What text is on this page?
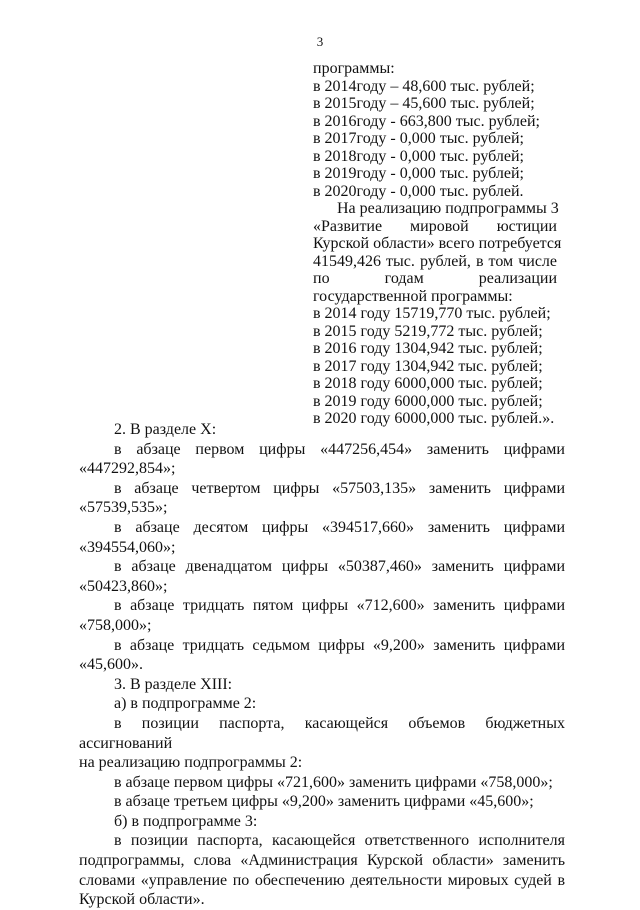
3
программы:
в 2014году – 48,600 тыс. рублей;
в 2015году – 45,600 тыс. рублей;
в 2016году - 663,800 тыс. рублей;
в 2017году - 0,000 тыс. рублей;
в 2018году - 0,000 тыс. рублей;
в 2019году - 0,000 тыс. рублей;
в 2020году - 0,000 тыс. рублей.
На реализацию подпрограммы 3
«Развитие мировой юстиции
Курской области» всего потребуется
41549,426 тыс. рублей, в том числе
по годам реализации
государственной программы:
в 2014 году 15719,770 тыс. рублей;
в 2015 году 5219,772 тыс. рублей;
в 2016 году 1304,942 тыс. рублей;
в 2017 году 1304,942 тыс. рублей;
в 2018 году 6000,000 тыс. рублей;
в 2019 году 6000,000 тыс. рублей;
в 2020 году 6000,000 тыс. рублей.».

2. В разделе X:

в абзаце первом цифры «447256,454» заменить цифрами

«447292,854»;

в абзаце четвертом цифры «57503,135» заменить цифрами

«57539,535»;

в абзаце десятом цифры «394517,660» заменить цифрами

«394554,060»;

в абзаце двенадцатом цифры «50387,460» заменить цифрами

«50423,860»;

в абзаце тридцать пятом цифры «712,600» заменить цифрами

«758,000»;

в абзаце тридцать седьмом цифры «9,200» заменить цифрами

«45,600».

3. В разделе XIII:

а) в подпрограмме 2:

в позиции паспорта, касающейся объемов бюджетных ассигнований

на реализацию подпрограммы 2:

в абзаце первом цифры «721,600» заменить цифрами «758,000»;

в абзаце третьем цифры «9,200» заменить цифрами «45,600»;

б) в подпрограмме 3:

в позиции паспорта, касающейся ответственного исполнителя подпрограммы, слова «Администрация Курской области» заменить словами «управление по обеспечению деятельности мировых судей в Курской области».
